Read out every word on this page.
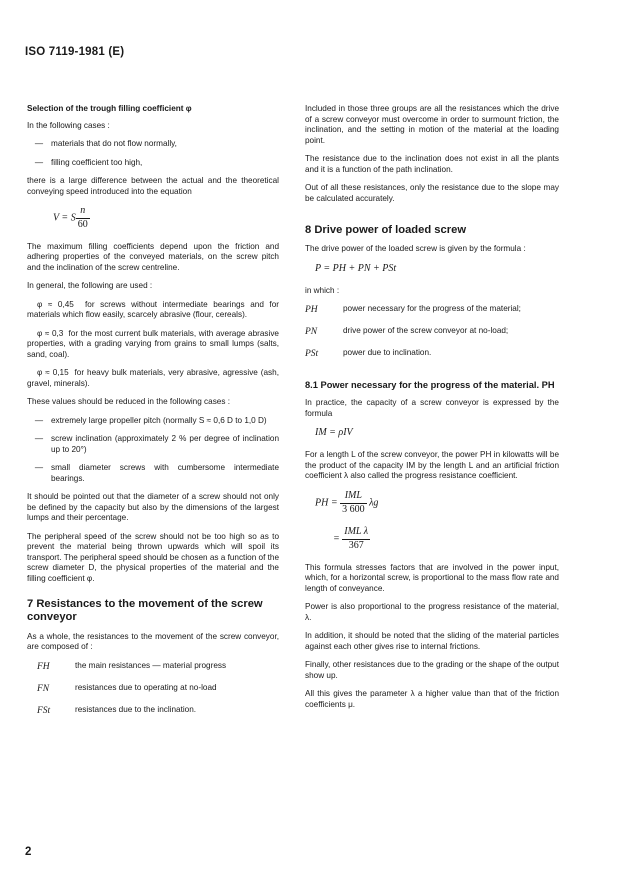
ISO 7119-1981 (E)

Selection of the trough filling coefficient φ

In the following cases :

— materials that do not flow normally,
— filling coefficient too high,

there is a large difference between the actual and the theoretical conveying speed introduced into the equation

V = S $\frac{n}{60}$

The maximum filling coefficients depend upon the friction and adhering properties of the conveyed materials, on the screw pitch and the inclination of the screw centreline.

In general, the following are used :

φ ≈ 0,45 for screws without intermediate bearings and for materials which flow easily, scarcely abrasive (flour, cereals).
φ ≈ 0,3 for the most current bulk materials, with average abrasive properties, with a grading varying from grains to small lumps (salts, sand, coal).
φ ≈ 0,15 for heavy bulk materials, very abrasive, agressive (ash, gravel, minerals).

These values should be reduced in the following cases :

— extremely large propeller pitch (normally S ≈ 0,6 D to 1,0 D)
— screw inclination (approximately 2 % per degree of inclination up to 20°)
— small diameter screws with cumbersome intermediate bearings.

It should be pointed out that the diameter of a screw should not only be defined by the capacity but also by the dimensions of the largest lumps and their percentage.

The peripheral speed of the screw should not be too high so as to prevent the material being thrown upwards which will spoil its transport. The peripheral speed should be chosen as a function of the screw diameter D, the physical properties of the material and the filling coefficient φ.

7 Resistances to the movement of the screw conveyor

As a whole, the resistances to the movement of the screw conveyor, are composed of :

FH	the main resistances — material progress
FN	resistances due to operating at no-load
FSt	resistances due to the inclination.

Included in those three groups are all the resistances which the drive of a screw conveyor must overcome in order to surmount friction, the inclination, and the setting in motion of the material at the loading point.

The resistance due to the inclination does not exist in all the plants and it is a function of the path inclination.

Out of all these resistances, only the resistance due to the slope may be calculated accurately.

8 Drive power of loaded screw

The drive power of the loaded screw is given by the formula :

P = PH + PN + PSt

in which :

PH	power necessary for the progress of the material;
PN	drive power of the screw conveyor at no-load;
PSt	power due to inclination.
8.1 Power necessary for the progress of the material. PH

In practice, the capacity of a screw conveyor is expressed by the formula

IM = ρIV

For a length L of the screw conveyor, the power PH in kilowatts will be the product of the capacity IM by the length L and an artificial friction coefficient λ also called the progress resistance coefficient.

PH = $\frac{\text{IML}}{3 600}$ λg
= $\frac{\text{IML λ}}{367}$

This formula stresses factors that are involved in the power input, which, for a horizontal screw, is proportional to the mass flow rate and length of conveyance.

Power is also proportional to the progress resistance of the material, λ.

In addition, it should be noted that the sliding of the material particles against each other gives rise to internal frictions.

Finally, other resistances due to the grading or the shape of the output show up.

All this gives the parameter λ a higher value than that of the friction coefficients μ.

2
